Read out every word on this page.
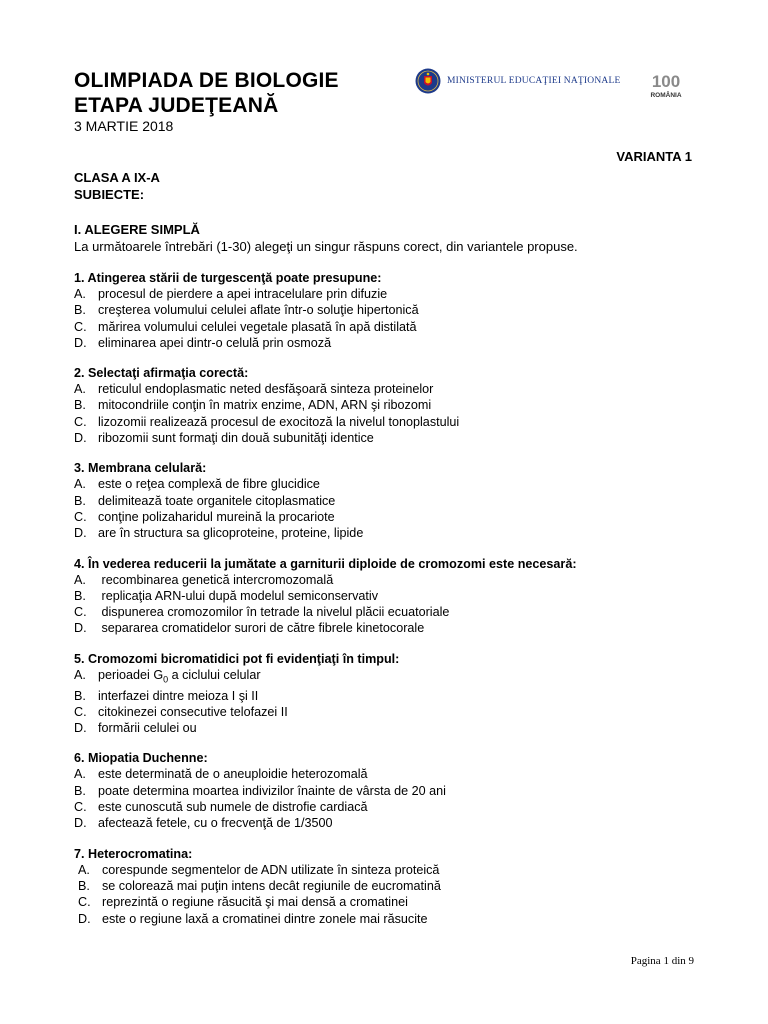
OLIMPIADA DE BIOLOGIE
ETAPA JUDEŢEANĂ
3 MARTIE 2018
MINISTERUL EDUCAŢIEI NAŢIONALE 100
ROMÂNIA
VARIANTA 1
CLASA A IX-A
SUBIECTE:
I. ALEGERE SIMPLĂ
La următoarele întrebări (1-30) alegeţi un singur răspuns corect, din variantele propuse.
1. Atingerea stării de turgescenţă poate presupune:
A. procesul de pierdere a apei intracelulare prin difuzie
B. creşterea volumului celulei aflate într-o soluţie hipertonică
C. mărirea volumului celulei vegetale plasată în apă distilată
D. eliminarea apei dintr-o celulă prin osmoză
2. Selectaţi afirmaţia corectă:
A. reticulul endoplasmatic neted desfăşoară sinteza proteinelor
B. mitocondriile conţin în matrix enzime, ADN, ARN şi ribozomi
C. lizozomii realizează procesul de exocitoză la nivelul tonoplastului
D. ribozomii sunt formaţi din două subunităţi identice
3. Membrana celulară:
A. este o reţea complexă de fibre glucidice
B. delimitează toate organitele citoplasmatice
C. conţine polizaharidul mureină la procariote
D. are în structura sa glicoproteine, proteine, lipide
4. În vederea reducerii la jumătate a garniturii diploide de cromozomi este necesară:
A. recombinarea genetică intercromozomală
B. replicaţia ARN-ului după modelul semiconservativ
C. dispunerea cromozomilor în tetrade la nivelul plăcii ecuatoriale
D. separarea cromatidelor surori de către fibrele kinetocorale
5. Cromozomi bicromatidici pot fi evidenţiaţi în timpul:
A. perioadei $G_0$ a ciclului celular
B. interfazei dintre meioza I şi II
C. citokinezei consecutive telofazei II
D. formării celulei ou
6. Miopatia Duchenne:
A. este determinată de o aneuploidie heterozomală
B. poate determina moartea indivizilor înainte de vârsta de 20 ani
C. este cunoscută sub numele de distrofie cardiacă
D. afectează fetele, cu o frecvenţă de 1/3500
7. Heterocromatina:
A. corespunde segmentelor de ADN utilizate în sinteza proteică
B. se colorează mai puţin intens decât regiunile de eucromatină
C. reprezintă o regiune răsucită şi mai densă a cromatinei
D. este o regiune laxă a cromatinei dintre zonele mai răsucite
Pagina 1 din 9
